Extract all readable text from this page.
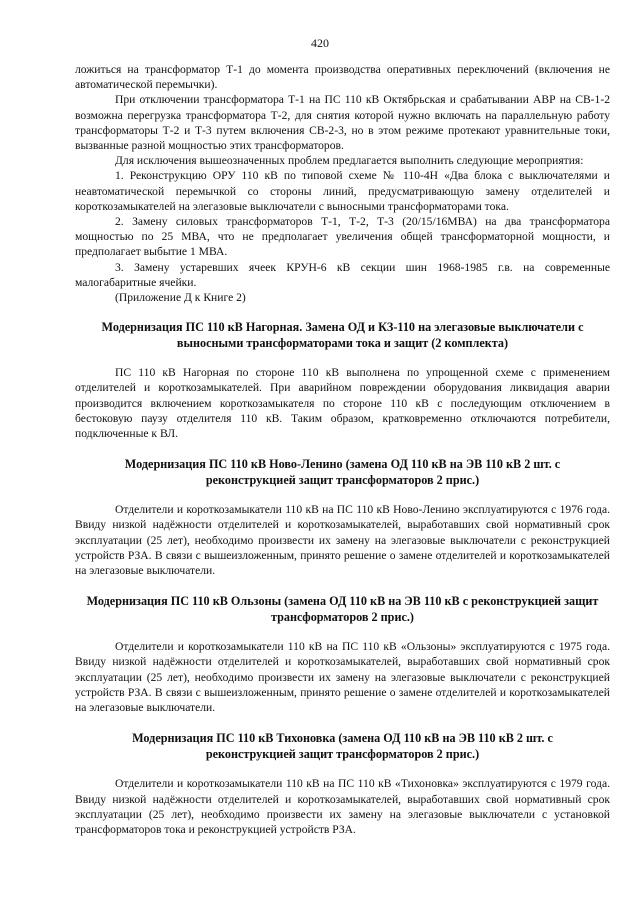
420

ложиться на трансформатор Т-1 до момента производства оперативных переключений (включения не автоматической перемычки).

При отключении трансформатора Т-1 на ПС 110 кВ Октябрьская и срабатывании АВР на СВ-1-2 возможна перегрузка трансформатора Т-2, для снятия которой нужно включать на параллельную работу трансформаторы Т-2 и Т-3 путем включения СВ-2-3, но в этом режиме протекают уравнительные токи, вызванные разной мощностью этих трансформаторов.

Для исключения вышеозначенных проблем предлагается выполнить следующие мероприятия:

1. Реконструкцию ОРУ 110 кВ по типовой схеме № 110-4Н «Два блока с выключателями и неавтоматической перемычкой со стороны линий, предусматривающую замену отделителей и короткозамыкателей на элегазовые выключатели с выносными трансформаторами тока.

2. Замену силовых трансформаторов Т-1, Т-2, Т-3 (20/15/16МВА) на два трансформатора мощностью по 25 МВА, что не предполагает увеличения общей трансформаторной мощности, и предполагает выбытие 1 МВА.

3. Замену устаревших ячеек КРУН-6 кВ секции шин 1968-1985 г.в. на современные малогабаритные ячейки.

(Приложение Д к Книге 2)

Модернизация ПС 110 кВ Нагорная. Замена ОД и КЗ-110 на элегазовые выключатели с выносными трансформаторами тока и защит (2 комплекта)

ПС 110 кВ Нагорная по стороне 110 кВ выполнена по упрощенной схеме с применением отделителей и короткозамыкателей. При аварийном повреждении оборудования ликвидация аварии производится включением короткозамыкателя по стороне 110 кВ с последующим отключением в бестоковую паузу отделителя 110 кВ. Таким образом, кратковременно отключаются потребители, подключенные к ВЛ.

Модернизация ПС 110 кВ Ново-Ленино (замена ОД 110 кВ на ЭВ 110 кВ 2 шт. с реконструкцией защит трансформаторов 2 прис.)

Отделители и короткозамыкатели 110 кВ на ПС 110 кВ Ново-Ленино эксплуатируются с 1976 года. Ввиду низкой надёжности отделителей и короткозамыкателей, выработавших свой нормативный срок эксплуатации (25 лет), необходимо произвести их замену на элегазовые выключатели с реконструкцией устройств РЗА. В связи с вышеизложенным, принято решение о замене отделителей и короткозамыкателей на элегазовые выключатели.

Модернизация ПС 110 кВ Ользоны (замена ОД 110 кВ на ЭВ 110 кВ с реконструкцией защит трансформаторов 2 прис.)

Отделители и короткозамыкатели 110 кВ на ПС 110 кВ «Ользоны» эксплуатируются с 1975 года. Ввиду низкой надёжности отделителей и короткозамыкателей, выработавших свой нормативный срок эксплуатации (25 лет), необходимо произвести их замену на элегазовые выключатели с реконструкцией устройств РЗА. В связи с вышеизложенным, принято решение о замене отделителей и короткозамыкателей на элегазовые выключатели.

Модернизация ПС 110 кВ Тихоновка (замена ОД 110 кВ на ЭВ 110 кВ 2 шт. с реконструкцией защит трансформаторов 2 прис.)

Отделители и короткозамыкатели 110 кВ на ПС 110 кВ «Тихоновка» эксплуатируются с 1979 года. Ввиду низкой надёжности отделителей и короткозамыкателей, выработавших свой нормативный срок эксплуатации (25 лет), необходимо произвести их замену на элегазовые выключатели с установкой трансформаторов тока и реконструкцией устройств РЗА.
